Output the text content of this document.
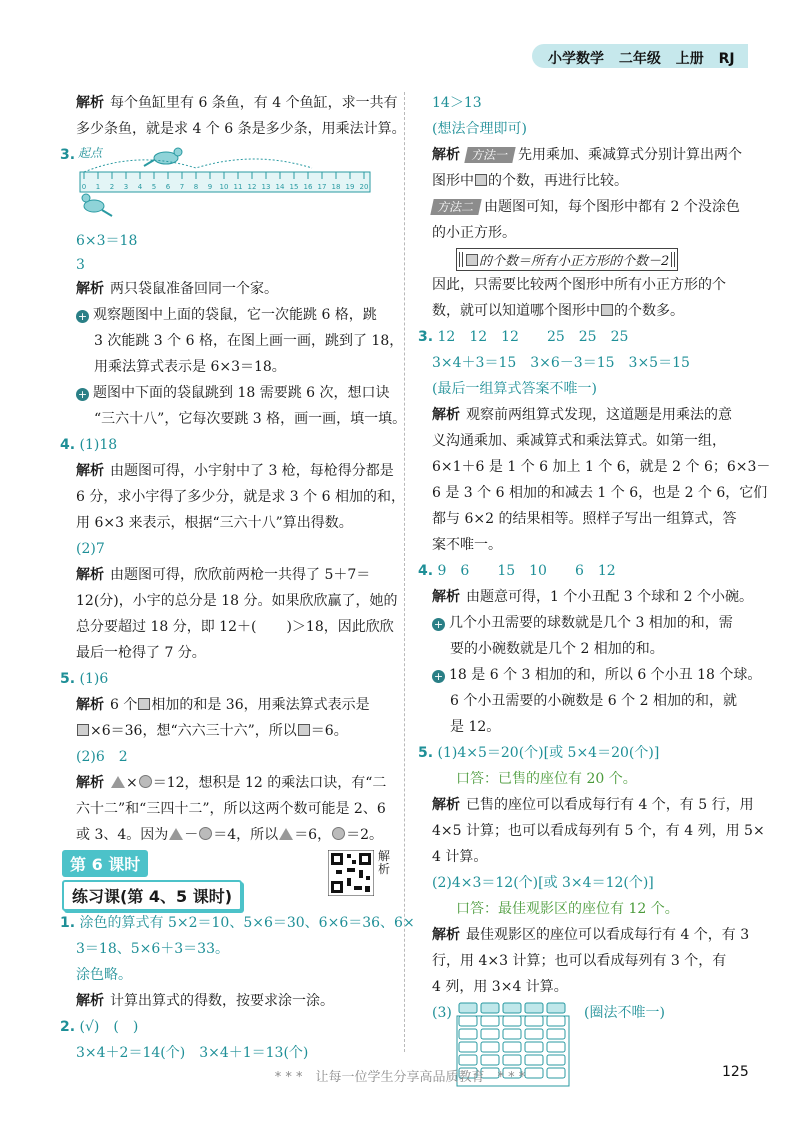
小学数学 二年级 上册 RJ
解析 每个鱼缸里有 6 条鱼，有 4 个鱼缸，求一共有
多少条鱼，就是求 4 个 6 条是多少条，用乘法计算。
3. 起点
0 1 2 3 4 5 6 7 8 9 10 11 12 13 14 15 16 17 18 19 20
6×3＝18
3
解析 两只袋鼠准备回同一个家。
+ 观察题图中上面的袋鼠，它一次能跳 6 格，跳
3 次能跳 3 个 6 格，在图上画一画，跳到了 18，
用乘法算式表示是 6×3＝18。
+ 题图中下面的袋鼠跳到 18 需要跳 6 次，想口诀
“三六十八”，它每次要跳 3 格，画一画，填一填。
4. (1)18
解析 由题图可得，小宇射中了 3 枪，每枪得分都是
6 分，求小宇得了多少分，就是求 3 个 6 相加的和，
用 6×3 来表示，根据“三六十八”算出得数。
(2)7
解析 由题图可得，欣欣前两枪一共得了 5＋7＝
12(分)，小宇的总分是 18 分。如果欣欣赢了，她的
总分要超过 18 分，即 12＋( )＞18，因此欣欣
最后一枪得了 7 分。
5. (1)6
解析 6 个 相加的和是 36，用乘法算式表示是
×6＝36，想“六六三十六”，所以 ＝6。
(2)6　2
解析 × ＝12，想积是 12 的乘法口诀，有“二
六十二”和“三四十二”，所以这两个数可能是 2、6
或 3、4。因为 － ＝4，所以 ＝6， ＝2。
第 6 课时
练习课(第 4、5 课时)
解析
1. 涂色的算式有 5×2＝10、5×6＝30、6×6＝36、6×
3＝18、5×6＋3＝33。
涂色略。
解析 计算出算式的得数，按要求涂一涂。
2. (√)　(　)
3×4＋2＝14(个)　3×4＋1＝13(个)
14＞13
(想法合理即可)
解析 方法一 先用乘加、乘减算式分别计算出两个
图形中 的个数，再进行比较。
方法二 由题图可知，每个图形中都有 2 个没涂色
的小正方形。
的个数＝所有小正方形的个数－2
因此，只需要比较两个图形中所有小正方形的个
数，就可以知道哪个图形中 的个数多。
3. 12　12　12　　25　25　25
3×4＋3＝15　3×6－3＝15　3×5＝15
(最后一组算式答案不唯一)
解析 观察前两组算式发现，这道题是用乘法的意
义沟通乘加、乘减算式和乘法算式。如第一组，
6×1＋6 是 1 个 6 加上 1 个 6，就是 2 个 6；6×3－
6 是 3 个 6 相加的和减去 1 个 6，也是 2 个 6，它们
都与 6×2 的结果相等。照样子写出一组算式，答
案不唯一。
4. 9　6　　15　10　　6　12
解析 由题意可得，1 个小丑配 3 个球和 2 个小碗。
+ 几个小丑需要的球数就是几个 3 相加的和，需
要的小碗数就是几个 2 相加的和。
+ 18 是 6 个 3 相加的和，所以 6 个小丑 18 个球。
6 个小丑需要的小碗数是 6 个 2 相加的和，就
是 12。
5. (1)4×5＝20(个)[或 5×4＝20(个)]
口答：已售的座位有 20 个。
解析 已售的座位可以看成每行有 4 个，有 5 行，用
4×5 计算；也可以看成每列有 5 个，有 4 列，用 5×
4 计算。
(2)4×3＝12(个)[或 3×4＝12(个)]
口答：最佳观影区的座位有 12 个。
解析 最佳观影区的座位可以看成每行有 4 个，有 3
行，用 4×3 计算；也可以看成每列有 3 个，有
4 列，用 3×4 计算。
(3)	(圈法不唯一)
* * *　让每一位学生分享高品质教育　* * *	125
